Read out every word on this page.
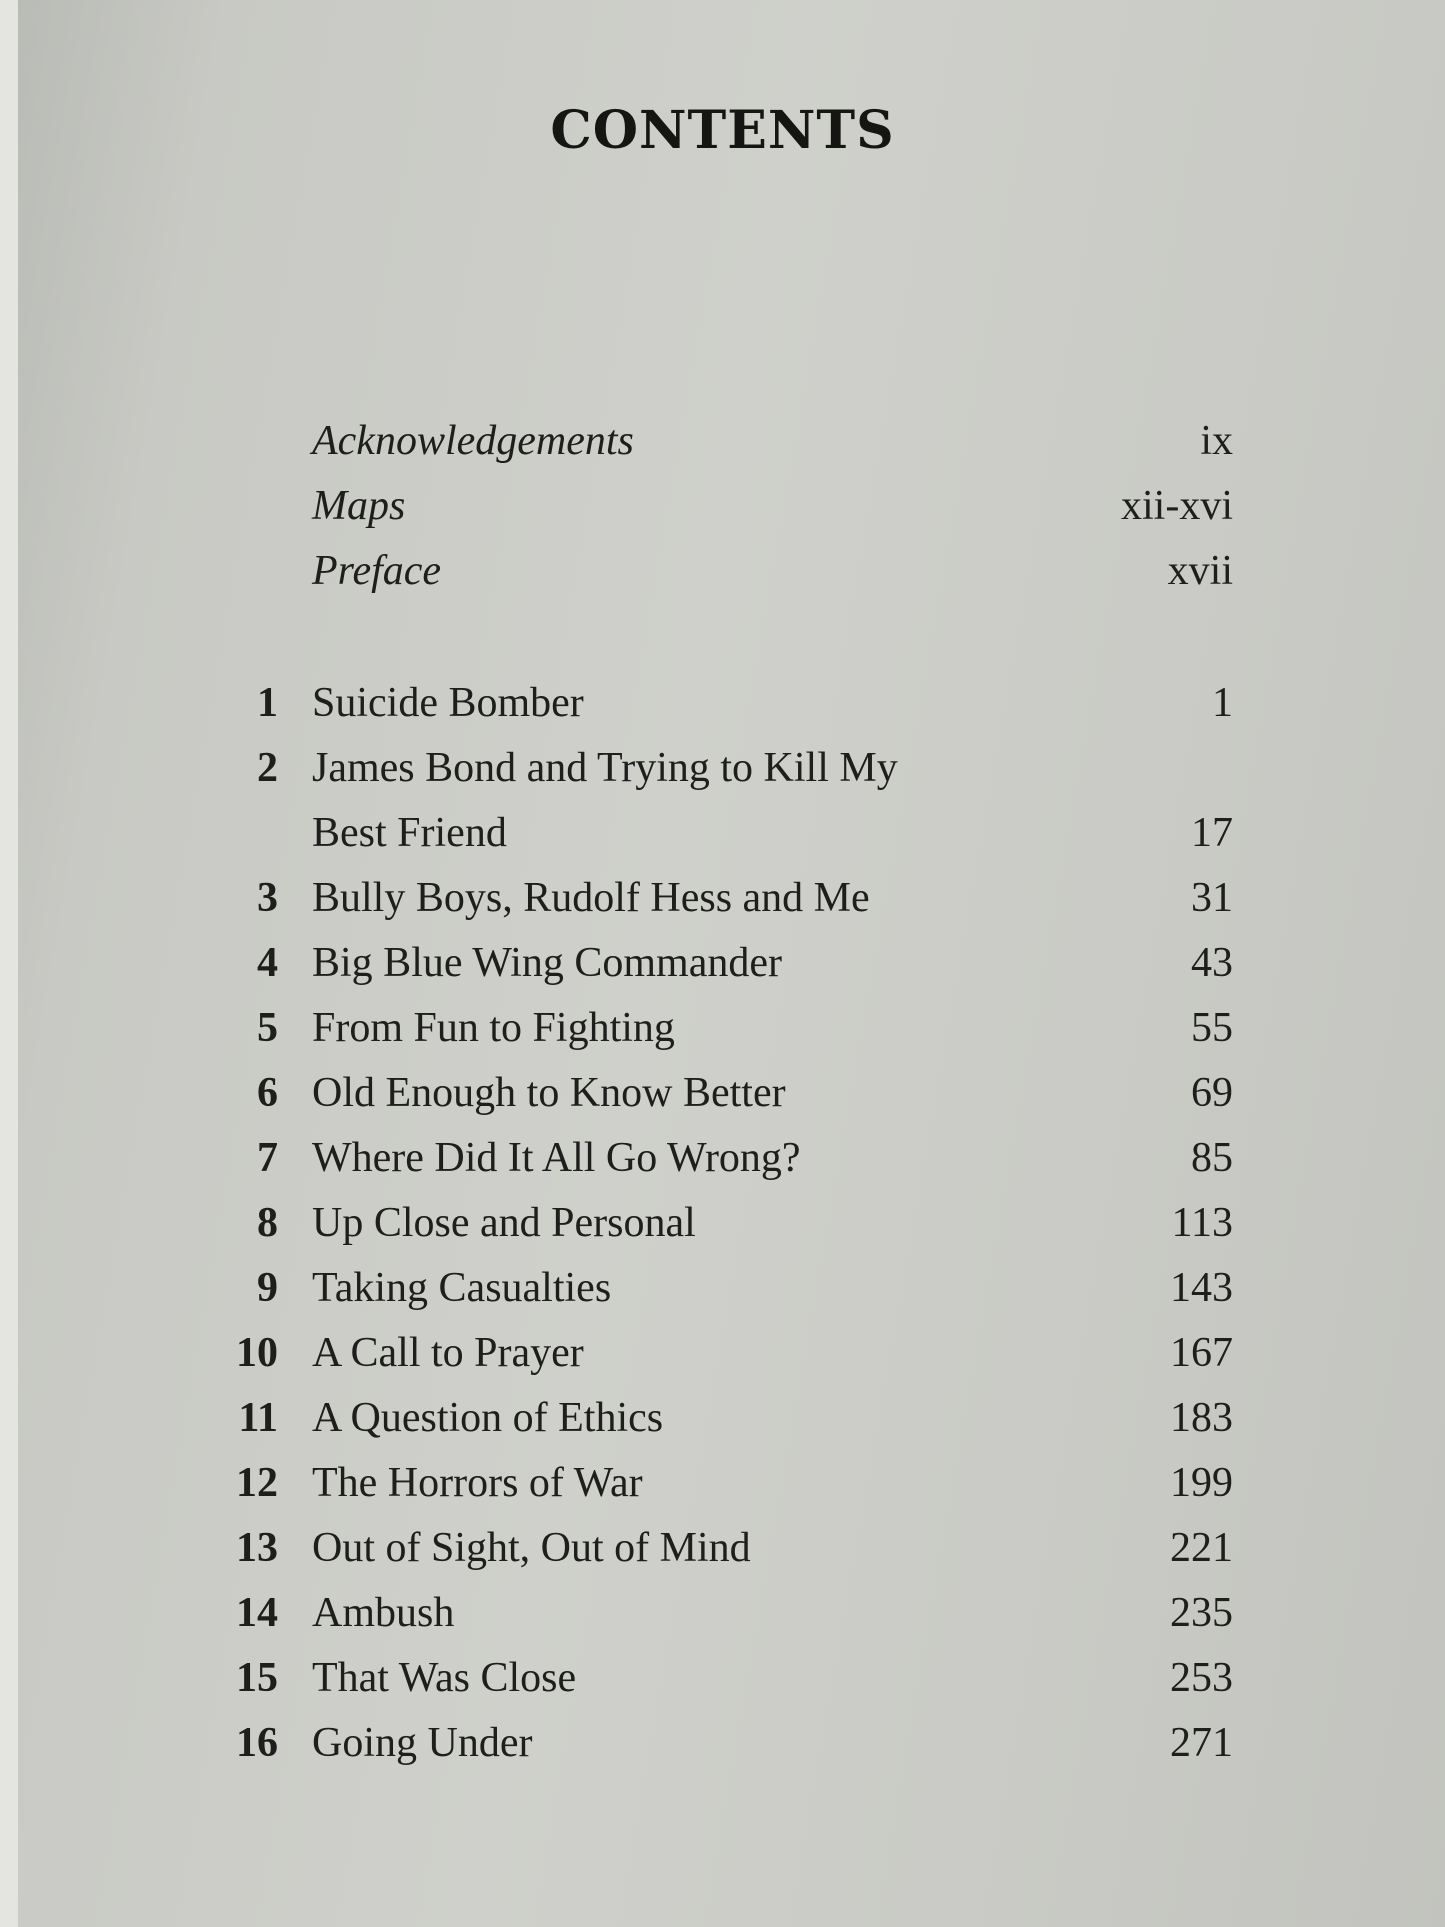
CONTENTS
Acknowledgements	ix
Maps	xii-xvi
Preface	xvii
1 Suicide Bomber	1
2 James Bond and Trying to Kill My
Best Friend	17
3 Bully Boys, Rudolf Hess and Me	31
4 Big Blue Wing Commander	43
5 From Fun to Fighting	55
6 Old Enough to Know Better	69
7 Where Did It All Go Wrong?	85
8 Up Close and Personal	113
9 Taking Casualties	143
10 A Call to Prayer	167
11 A Question of Ethics	183
12 The Horrors of War	199
13 Out of Sight, Out of Mind	221
14 Ambush	235
15 That Was Close	253
16 Going Under	271
